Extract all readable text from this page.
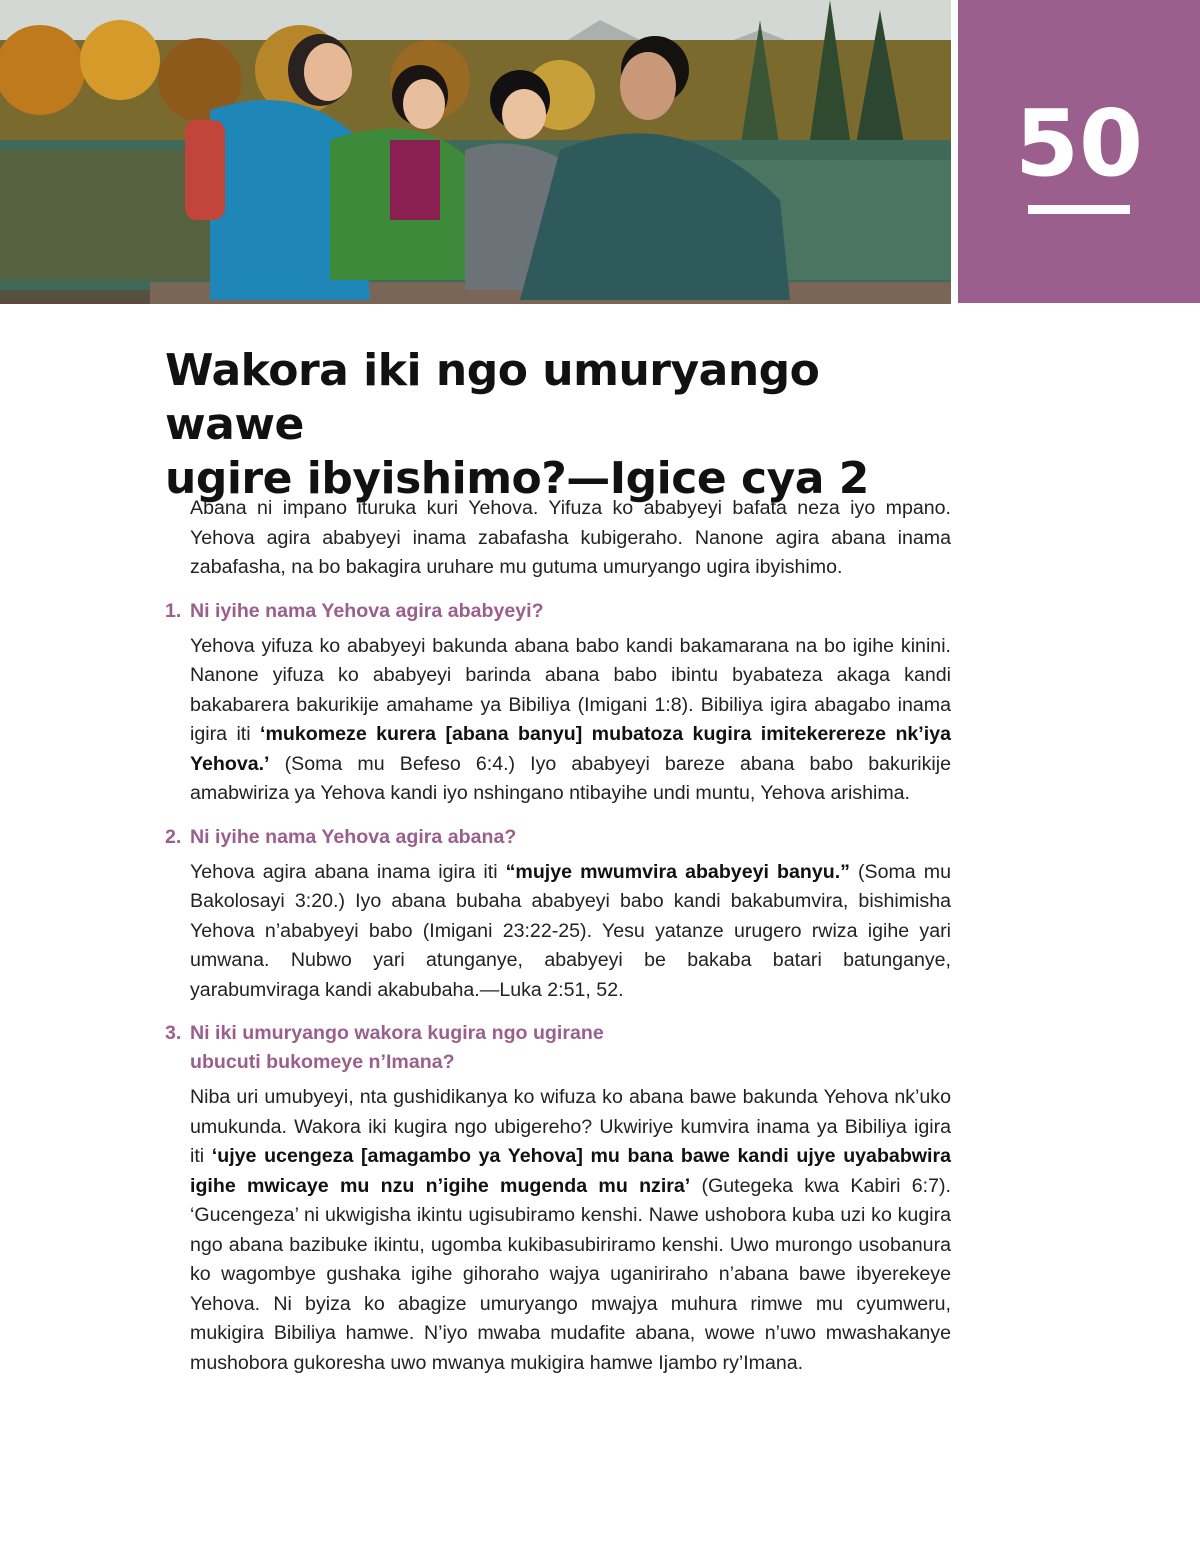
50
Wakora iki ngo umuryango wawe
ugire ibyishimo?—Igice cya 2

Abana ni impano ituruka kuri Yehova. Yifuza ko ababyeyi bafata neza iyo mpano. Yehova agira ababyeyi inama zabafasha kubigeraho. Nanone agira abana inama zabafasha, na bo bakagira uruhare mu gutuma umuryango ugira ibyishimo.

1. Ni iyihe nama Yehova agira ababyeyi?

Yehova yifuza ko ababyeyi bakunda abana babo kandi bakamarana na bo igihe kinini. Nanone yifuza ko ababyeyi barinda abana babo ibintu byabateza akaga kandi bakabarera bakurikije amahame ya Bibiliya (Imigani 1:8). Bibiliya igira abagabo inama igira iti ‘mukomeze kurera [abana banyu] mubatoza kugira imitekerereze nk’iya Yehova.’ (Soma mu Befeso 6:4.) Iyo ababyeyi bareze abana babo bakurikije amabwiriza ya Yehova kandi iyo nshingano ntibayihe undi muntu, Yehova arishima.

2. Ni iyihe nama Yehova agira abana?

Yehova agira abana inama igira iti “mujye mwumvira ababyeyi banyu.” (Soma mu Bakolosayi 3:20.) Iyo abana bubaha ababyeyi babo kandi bakabumvira, bishimisha Yehova n’ababyeyi babo (Imigani 23:22-25). Yesu yatanze urugero rwiza igihe yari umwana. Nubwo yari atunganye, ababyeyi be bakaba batari batunganye, yarabumviraga kandi akabubaha.—Luka 2:51, 52.

3. Ni iki umuryango wakora kugira ngo ugirane
ubucuti bukomeye n’Imana?

Niba uri umubyeyi, nta gushidikanya ko wifuza ko abana bawe bakunda Yehova nk’uko umukunda. Wakora iki kugira ngo ubigereho? Ukwiriye kumvira inama ya Bibiliya igira iti ‘ujye ucengeza [amagambo ya Yehova] mu bana bawe kandi ujye uyababwira igihe mwicaye mu nzu n’igihe mugenda mu nzira’ (Gutegeka kwa Kabiri 6:7). ‘Gucengeza’ ni ukwigisha ikintu ugisubiramo kenshi. Nawe ushobora kuba uzi ko kugira ngo abana bazibuke ikintu, ugomba kukibasubiriramo kenshi. Uwo murongo usobanura ko wagombye gushaka igihe gihoraho wajya uganiriraho n’abana bawe ibyerekeye Yehova. Ni byiza ko abagize umuryango mwajya muhura rimwe mu cyumweru, mukigira Bibiliya hamwe. N’iyo mwaba mudafite abana, wowe n’uwo mwashakanye mushobora gukoresha uwo mwanya mukigira hamwe Ijambo ry’Imana.
